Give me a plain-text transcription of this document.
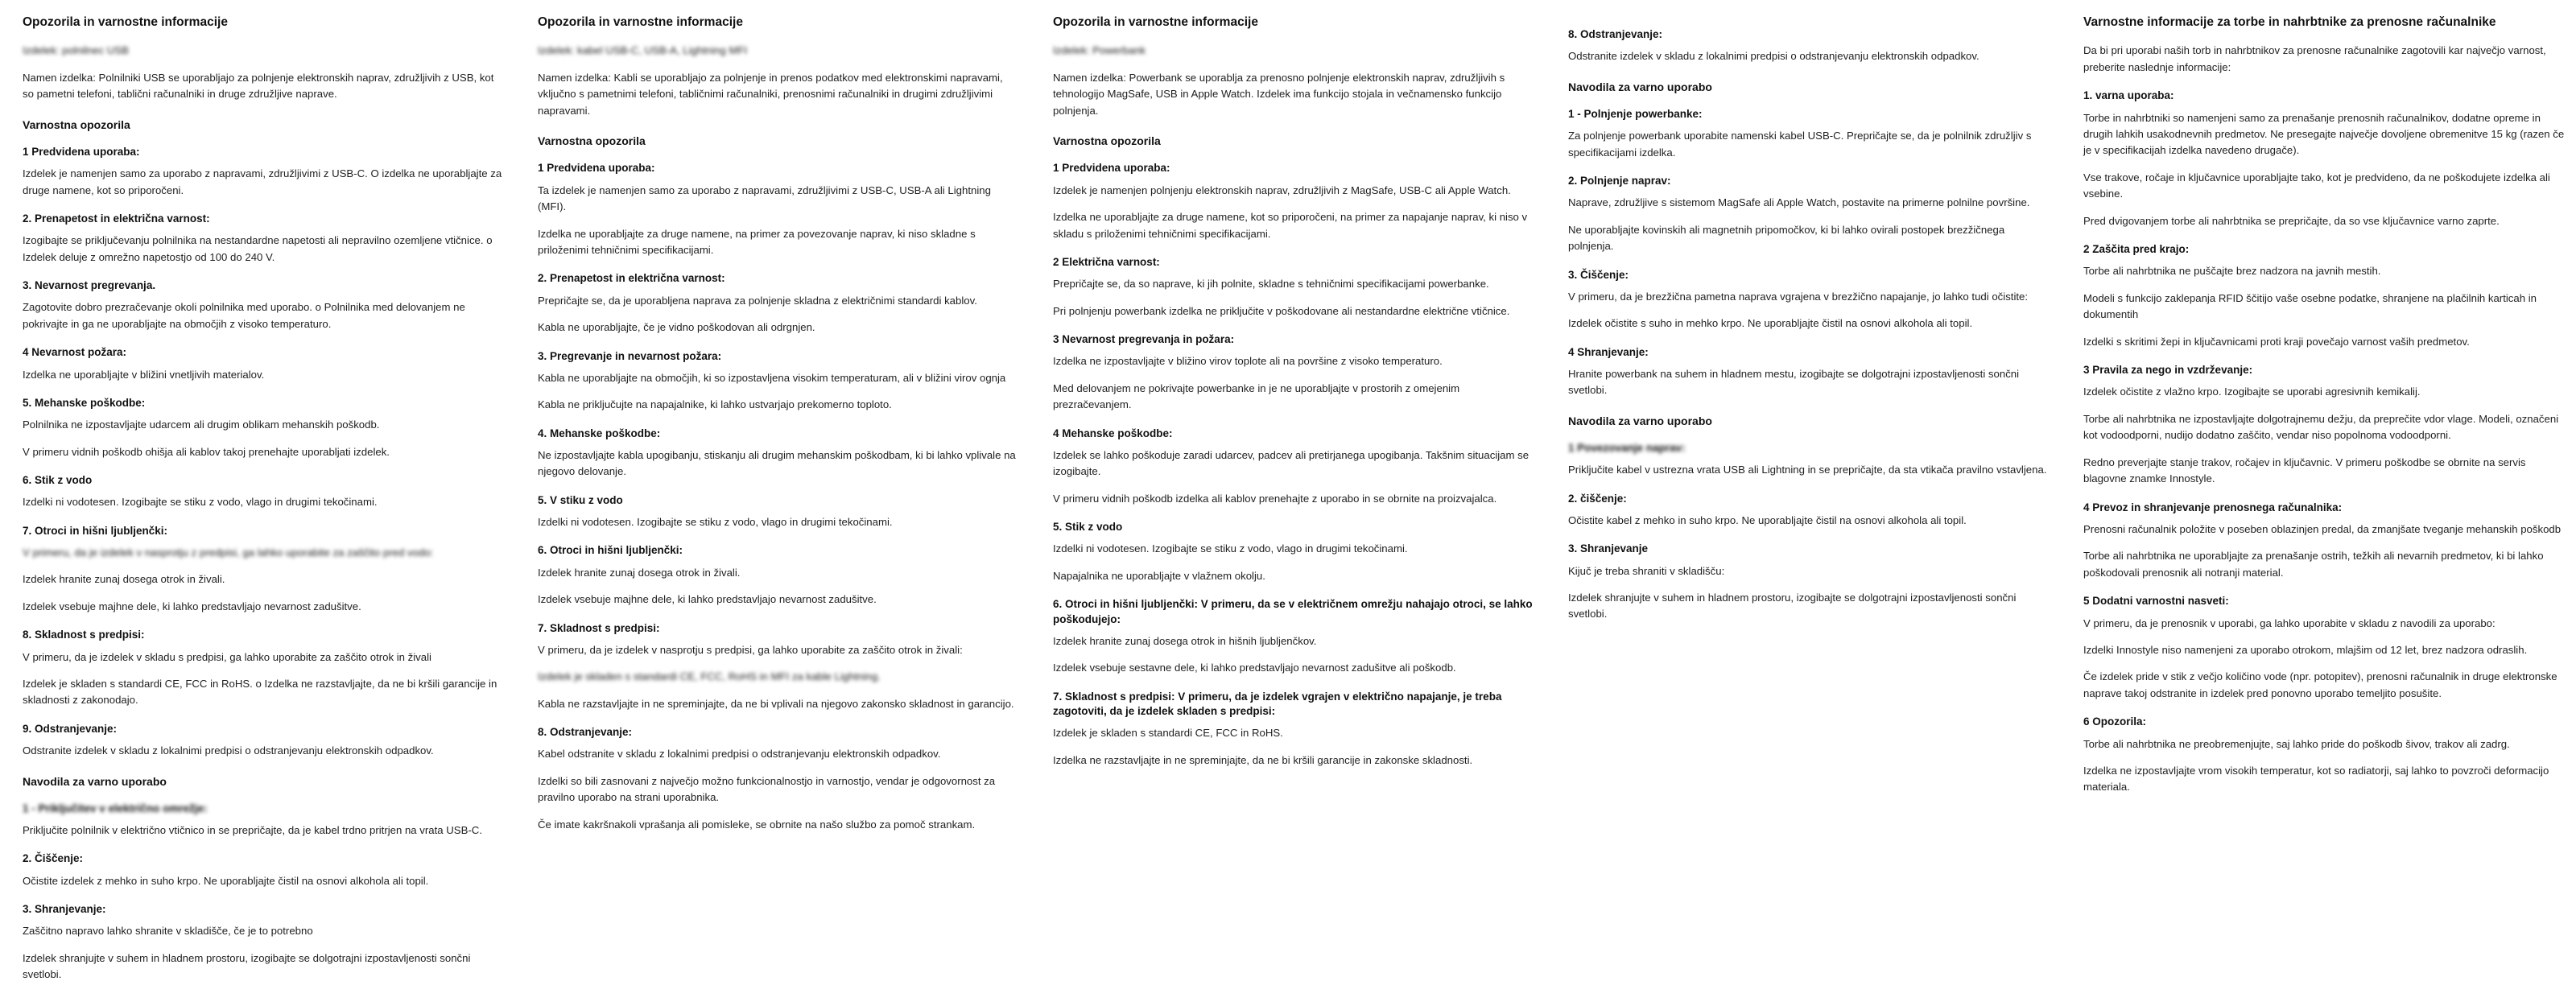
Opozorila in varnostne informacije

Izdelek: polnilnec USB

Namen izdelka: Polnilniki USB se uporabljajo za polnjenje elektronskih naprav, združljivih z USB, kot so pametni telefoni, tablični računalniki in druge združljive naprave.

Varnostna opozorila
1 Predvidena uporaba:

Izdelek je namenjen samo za uporabo z napravami, združljivimi z USB-C. O izdelka ne uporabljajte za druge namene, kot so priporočeni.

2. Prenapetost in električna varnost:

Izogibajte se priključevanju polnilnika na nestandardne napetosti ali nepravilno ozemljene vtičnice. o Izdelek deluje z omrežno napetostjo od 100 do 240 V.

3. Nevarnost pregrevanja.

Zagotovite dobro prezračevanje okoli polnilnika med uporabo. o Polnilnika med delovanjem ne pokrivajte in ga ne uporabljajte na območjih z visoko temperaturo.

4 Nevarnost požara:

Izdelka ne uporabljajte v bližini vnetljivih materialov.

5. Mehanske poškodbe:

Polnilnika ne izpostavljajte udarcem ali drugim oblikam mehanskih poškodb.

V primeru vidnih poškodb ohišja ali kablov takoj prenehajte uporabljati izdelek.

6. Stik z vodo

Izdelki ni vodotesen. Izogibajte se stiku z vodo, vlago in drugimi tekočinami.

7. Otroci in hišni ljubljenčki:

V primeru, da je izdelek v nasprotju z predpisi, ga lahko uporabite za zaščito pred vodo:

Izdelek hranite zunaj dosega otrok in živali.

Izdelek vsebuje majhne dele, ki lahko predstavljajo nevarnost zadušitve.

8. Skladnost s predpisi:

V primeru, da je izdelek v skladu s predpisi, ga lahko uporabite za zaščito otrok in živali

Izdelek je skladen s standardi CE, FCC in RoHS. o Izdelka ne razstavljajte, da ne bi kršili garancije in skladnosti z zakonodajo.

9. Odstranjevanje:

Odstranite izdelek v skladu z lokalnimi predpisi o odstranjevanju elektronskih odpadkov.

Navodila za varno uporabo
1 - Priključitev v električno omrežje:

Priključite polnilnik v električno vtičnico in se prepričajte, da je kabel trdno pritrjen na vrata USB-C.

2. Čiščenje:

Očistite izdelek z mehko in suho krpo. Ne uporabljajte čistil na osnovi alkohola ali topil.

3. Shranjevanje:

Zaščitno napravo lahko shranite v skladišče, če je to potrebno

Izdelek shranjujte v suhem in hladnem prostoru, izogibajte se dolgotrajni izpostavljenosti sončni svetlobi.

Opozorila in varnostne informacije

Izdelek: kabel USB-C, USB-A, Lightning MFI

Namen izdelka: Kabli se uporabljajo za polnjenje in prenos podatkov med elektronskimi napravami, vključno s pametnimi telefoni, tabličnimi računalniki, prenosnimi računalniki in drugimi združljivimi napravami.

Varnostna opozorila
1 Predvidena uporaba:

Ta izdelek je namenjen samo za uporabo z napravami, združljivimi z USB-C, USB-A ali Lightning (MFI).

Izdelka ne uporabljajte za druge namene, na primer za povezovanje naprav, ki niso skladne s priloženimi tehničnimi specifikacijami.

2. Prenapetost in električna varnost:

Prepričajte se, da je uporabljena naprava za polnjenje skladna z električnimi standardi kablov.

Kabla ne uporabljajte, če je vidno poškodovan ali odrgnjen.

3. Pregrevanje in nevarnost požara:

Kabla ne uporabljajte na območjih, ki so izpostavljena visokim temperaturam, ali v bližini virov ognja

Kabla ne priključujte na napajalnike, ki lahko ustvarjajo prekomerno toploto.

4. Mehanske poškodbe:

Ne izpostavljajte kabla upogibanju, stiskanju ali drugim mehanskim poškodbam, ki bi lahko vplivale na njegovo delovanje.

5. V stiku z vodo

Izdelki ni vodotesen. Izogibajte se stiku z vodo, vlago in drugimi tekočinami.

6. Otroci in hišni ljubljenčki:

Izdelek hranite zunaj dosega otrok in živali.

Izdelek vsebuje majhne dele, ki lahko predstavljajo nevarnost zadušitve.

7. Skladnost s predpisi:

V primeru, da je izdelek v nasprotju s predpisi, ga lahko uporabite za zaščito otrok in živali:

Izdelek je skladen s standardi CE, FCC, RoHS in MFI za kable Lightning.

Kabla ne razstavljajte in ne spreminjajte, da ne bi vplivali na njegovo zakonsko skladnost in garancijo.

8. Odstranjevanje:

Kabel odstranite v skladu z lokalnimi predpisi o odstranjevanju elektronskih odpadkov.

Izdelki so bili zasnovani z največjo možno funkcionalnostjo in varnostjo, vendar je odgovornost za pravilno uporabo na strani uporabnika.

Če imate kakršnakoli vprašanja ali pomisleke, se obrnite na našo službo za pomoč strankam.

Opozorila in varnostne informacije

Izdelek: Powerbank

Namen izdelka: Powerbank se uporablja za prenosno polnjenje elektronskih naprav, združljivih s tehnologijo MagSafe, USB in Apple Watch. Izdelek ima funkcijo stojala in večnamensko funkcijo polnjenja.

Varnostna opozorila
1 Predvidena uporaba:

Izdelek je namenjen polnjenju elektronskih naprav, združljivih z MagSafe, USB-C ali Apple Watch.

Izdelka ne uporabljajte za druge namene, kot so priporočeni, na primer za napajanje naprav, ki niso v skladu s priloženimi tehničnimi specifikacijami.

2 Električna varnost:

Prepričajte se, da so naprave, ki jih polnite, skladne s tehničnimi specifikacijami powerbanke.

Pri polnjenju powerbank izdelka ne priključite v poškodovane ali nestandardne električne vtičnice.

3 Nevarnost pregrevanja in požara:

Izdelka ne izpostavljajte v bližino virov toplote ali na površine z visoko temperaturo.

Med delovanjem ne pokrivajte powerbanke in je ne uporabljajte v prostorih z omejenim prezračevanjem.

4 Mehanske poškodbe:

Izdelek se lahko poškoduje zaradi udarcev, padcev ali pretirjanega upogibanja. Takšnim situacijam se izogibajte.

V primeru vidnih poškodb izdelka ali kablov prenehajte z uporabo in se obrnite na proizvajalca.

5. Stik z vodo

Izdelki ni vodotesen. Izogibajte se stiku z vodo, vlago in drugimi tekočinami.

Napajalnika ne uporabljajte v vlažnem okolju.

6. Otroci in hišni ljubljenčki: V primeru, da se v električnem omrežju nahajajo otroci, se lahko poškodujejo:

Izdelek hranite zunaj dosega otrok in hišnih ljubljenčkov.

Izdelek vsebuje sestavne dele, ki lahko predstavljajo nevarnost zadušitve ali poškodb.

7. Skladnost s predpisi: V primeru, da je izdelek vgrajen v električno napajanje, je treba zagotoviti, da je izdelek skladen s predpisi:

Izdelek je skladen s standardi CE, FCC in RoHS.

Izdelka ne razstavljajte in ne spreminjajte, da ne bi kršili garancije in zakonske skladnosti.

8. Odstranjevanje:

Odstranite izdelek v skladu z lokalnimi predpisi o odstranjevanju elektronskih odpadkov.

Navodila za varno uporabo
1 - Polnjenje powerbanke:

Za polnjenje powerbank uporabite namenski kabel USB-C. Prepričajte se, da je polnilnik združljiv s specifikacijami izdelka.

2. Polnjenje naprav:

Naprave, združljive s sistemom MagSafe ali Apple Watch, postavite na primerne polnilne površine.

Ne uporabljajte kovinskih ali magnetnih pripomočkov, ki bi lahko ovirali postopek brezžičnega polnjenja.

3. Čiščenje:

V primeru, da je brezžična pametna naprava vgrajena v brezžično napajanje, jo lahko tudi očistite:

Izdelek očistite s suho in mehko krpo. Ne uporabljajte čistil na osnovi alkohola ali topil.

4 Shranjevanje:

Hranite powerbank na suhem in hladnem mestu, izogibajte se dolgotrajni izpostavljenosti sončni svetlobi.

Navodila za varno uporabo
1 Povezovanje naprav:

Priključite kabel v ustrezna vrata USB ali Lightning in se prepričajte, da sta vtikača pravilno vstavljena.

2. čiščenje:

Očistite kabel z mehko in suho krpo. Ne uporabljajte čistil na osnovi alkohola ali topil.

3. Shranjevanje

Kijuč je treba shraniti v skladišču:

Izdelek shranjujte v suhem in hladnem prostoru, izogibajte se dolgotrajni izpostavljenosti sončni svetlobi.

Varnostne informacije za torbe in nahrbtnike za prenosne računalnike

Da bi pri uporabi naših torb in nahrbtnikov za prenosne računalnike zagotovili kar največjo varnost, preberite naslednje informacije:

1. varna uporaba:

Torbe in nahrbtniki so namenjeni samo za prenašanje prenosnih računalnikov, dodatne opreme in drugih lahkih usakodnevnih predmetov. Ne presegajte največje dovoljene obremenitve 15 kg (razen če je v specifikacijah izdelka navedeno drugače).

Vse trakove, ročaje in ključavnice uporabljajte tako, kot je predvideno, da ne poškodujete izdelka ali vsebine.

Pred dvigovanjem torbe ali nahrbtnika se prepričajte, da so vse ključavnice varno zaprte.

2 Zaščita pred krajo:

Torbe ali nahrbtnika ne puščajte brez nadzora na javnih mestih.

Modeli s funkcijo zaklepanja RFID ščitijo vaše osebne podatke, shranjene na plačilnih karticah in dokumentih

Izdelki s skritimi žepi in ključavnicami proti kraji povečajo varnost vaših predmetov.

3 Pravila za nego in vzdrževanje:

Izdelek očistite z vlažno krpo. Izogibajte se uporabi agresivnih kemikalij.

Torbe ali nahrbtnika ne izpostavljajte dolgotrajnemu dežju, da preprečite vdor vlage. Modeli, označeni kot vodoodporni, nudijo dodatno zaščito, vendar niso popolnoma vodoodporni.

Redno preverjajte stanje trakov, ročajev in ključavnic. V primeru poškodbe se obrnite na servis blagovne znamke Innostyle.

4 Prevoz in shranjevanje prenosnega računalnika:

Prenosni računalnik položite v poseben oblazinjen predal, da zmanjšate tveganje mehanskih poškodb

Torbe ali nahrbtnika ne uporabljajte za prenašanje ostrih, težkih ali nevarnih predmetov, ki bi lahko poškodovali prenosnik ali notranji material.

5 Dodatni varnostni nasveti:

V primeru, da je prenosnik v uporabi, ga lahko uporabite v skladu z navodili za uporabo:

Izdelki Innostyle niso namenjeni za uporabo otrokom, mlajšim od 12 let, brez nadzora odraslih.

Če izdelek pride v stik z večjo količino vode (npr. potopitev), prenosni računalnik in druge elektronske naprave takoj odstranite in izdelek pred ponovno uporabo temeljito posušite.

6 Opozorila:

Torbe ali nahrbtnika ne preobremenjujte, saj lahko pride do poškodb šivov, trakov ali zadrg.

Izdelka ne izpostavljajte vrom visokih temperatur, kot so radiatorji, saj lahko to povzroči deformacijo materiala.
